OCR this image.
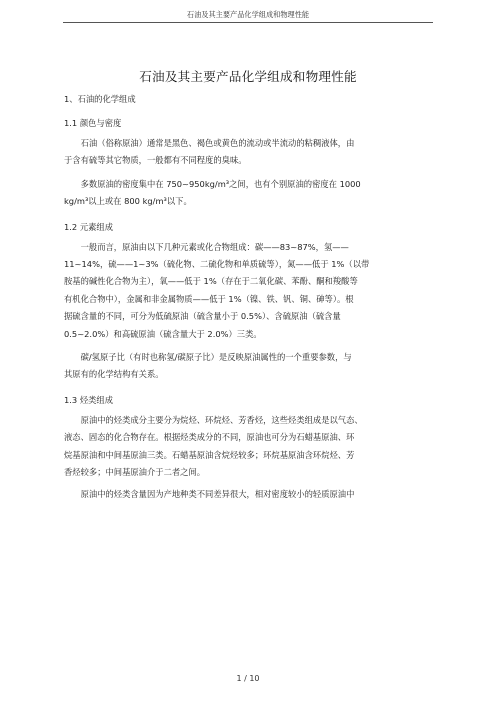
石油及其主要产品化学组成和物理性能
石油及其主要产品化学组成和物理性能
1、石油的化学组成
1.1 颜色与密度
石油（俗称原油）通常是黑色、褐色或黄色的流动或半流动的粘稠液体，由
于含有硫等其它物质，一般都有不同程度的臭味。
多数原油的密度集中在 750~950kg/m³之间，也有个别原油的密度在 1000
kg/m³以上或在 800 kg/m³以下。
1.2 元素组成
一般而言，原油由以下几种元素或化合物组成：碳——83~87%，氢——
11~14%，硫——1~3%（硫化物、二硫化物和单质硫等），氮——低于 1%（以带
胺基的碱性化合物为主），氧——低于 1%（存在于二氧化碳、苯酚、酮和羧酸等
有机化合物中），金属和非金属物质——低于 1%（镍、铁、钒、铜、砷等）。根
据硫含量的不同，可分为低硫原油（硫含量小于 0.5%）、含硫原油（硫含量
0.5~2.0%）和高硫原油（硫含量大于 2.0%）三类。
碳/氢原子比（有时也称氢/碳原子比）是反映原油属性的一个重要参数，与
其原有的化学结构有关系。
1.3 烃类组成
原油中的烃类成分主要分为烷烃、环烷烃、芳香烃，这些烃类组成是以气态、
液态、固态的化合物存在。根据烃类成分的不同，原油也可分为石蜡基原油、环
烷基原油和中间基原油三类。石蜡基原油含烷烃较多；环烷基原油含环烷烃、芳
香烃较多；中间基原油介于二者之间。
原油中的烃类含量因为产地种类不同差异很大，相对密度较小的轻质原油中
1 / 10
